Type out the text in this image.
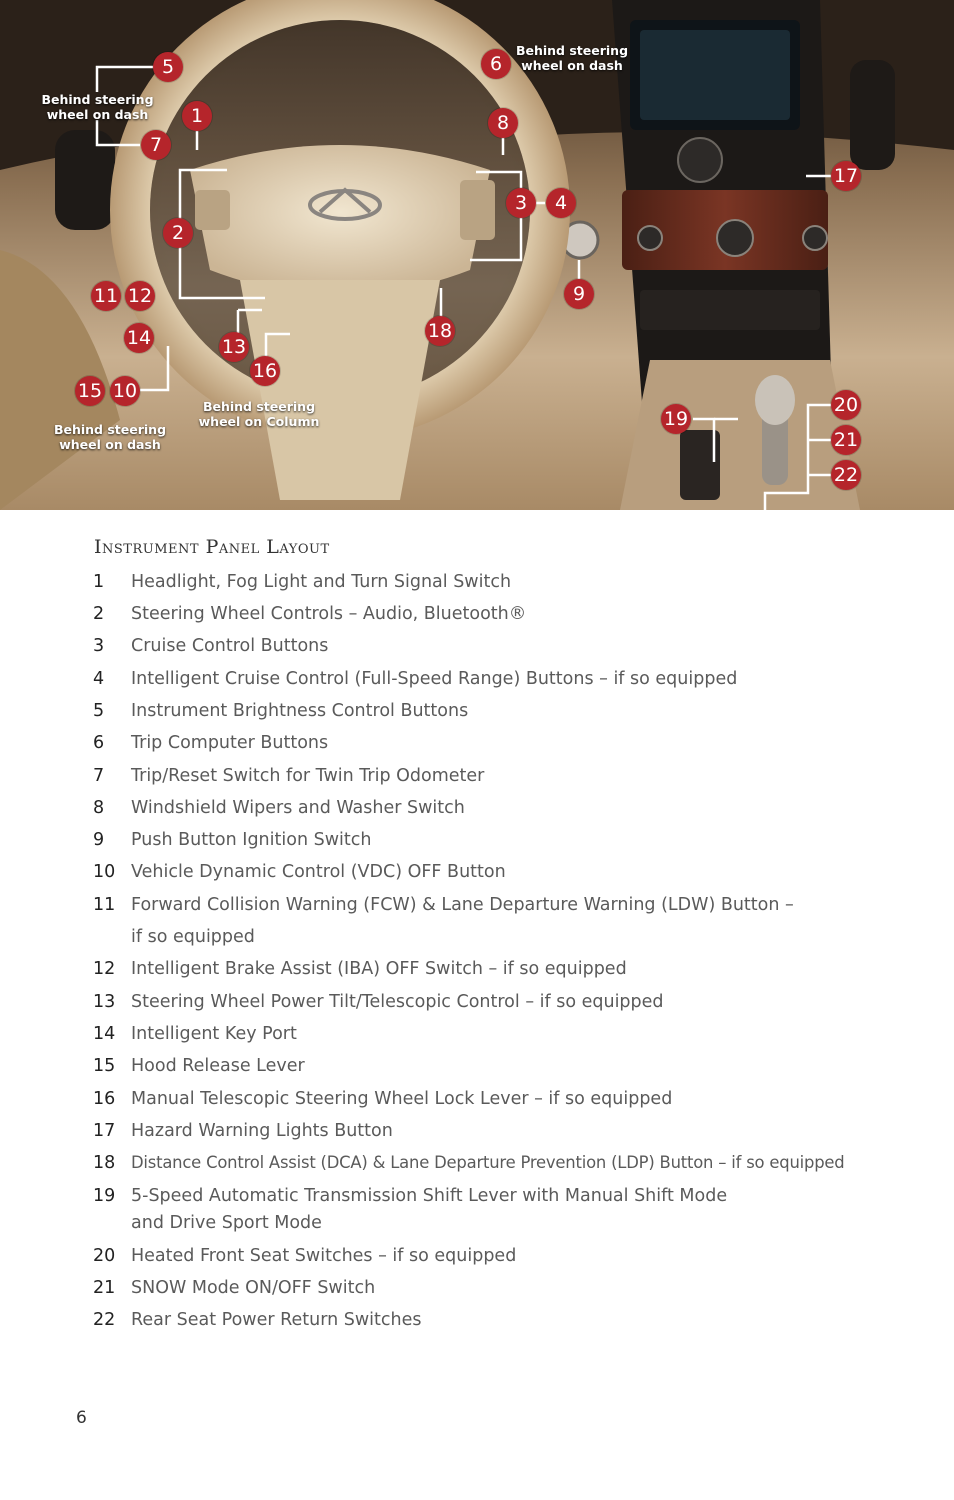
5
1
7
6
8
2
3	4
17
9
11 12
18
14	13
16
15 10
19
20
21
22
Behind steering
wheel on dash
Behind steering
wheel on dash
Behind steering
wheel on dash
Behind steering
wheel on Column
Instrument Panel Layout
1 Headlight, Fog Light and Turn Signal Switch
2 Steering Wheel Controls – Audio, Bluetooth®
3 Cruise Control Buttons
4 Intelligent Cruise Control (Full-Speed Range) Buttons – if so equipped
5 Instrument Brightness Control Buttons
6 Trip Computer Buttons
7 Trip/Reset Switch for Twin Trip Odometer
8 Windshield Wipers and Washer Switch
9 Push Button Ignition Switch
10 Vehicle Dynamic Control (VDC) OFF Button
11 Forward Collision Warning (FCW) & Lane Departure Warning (LDW) Button –
if so equipped
12 Intelligent Brake Assist (IBA) OFF Switch – if so equipped
13 Steering Wheel Power Tilt/Telescopic Control – if so equipped
14 Intelligent Key Port
15 Hood Release Lever
16 Manual Telescopic Steering Wheel Lock Lever – if so equipped
17 Hazard Warning Lights Button
18 Distance Control Assist (DCA) & Lane Departure Prevention (LDP) Button – if so equipped
19 5-Speed Automatic Transmission Shift Lever with Manual Shift Mode
and Drive Sport Mode
20 Heated Front Seat Switches – if so equipped
21 SNOW Mode ON/OFF Switch
22 Rear Seat Power Return Switches
6
